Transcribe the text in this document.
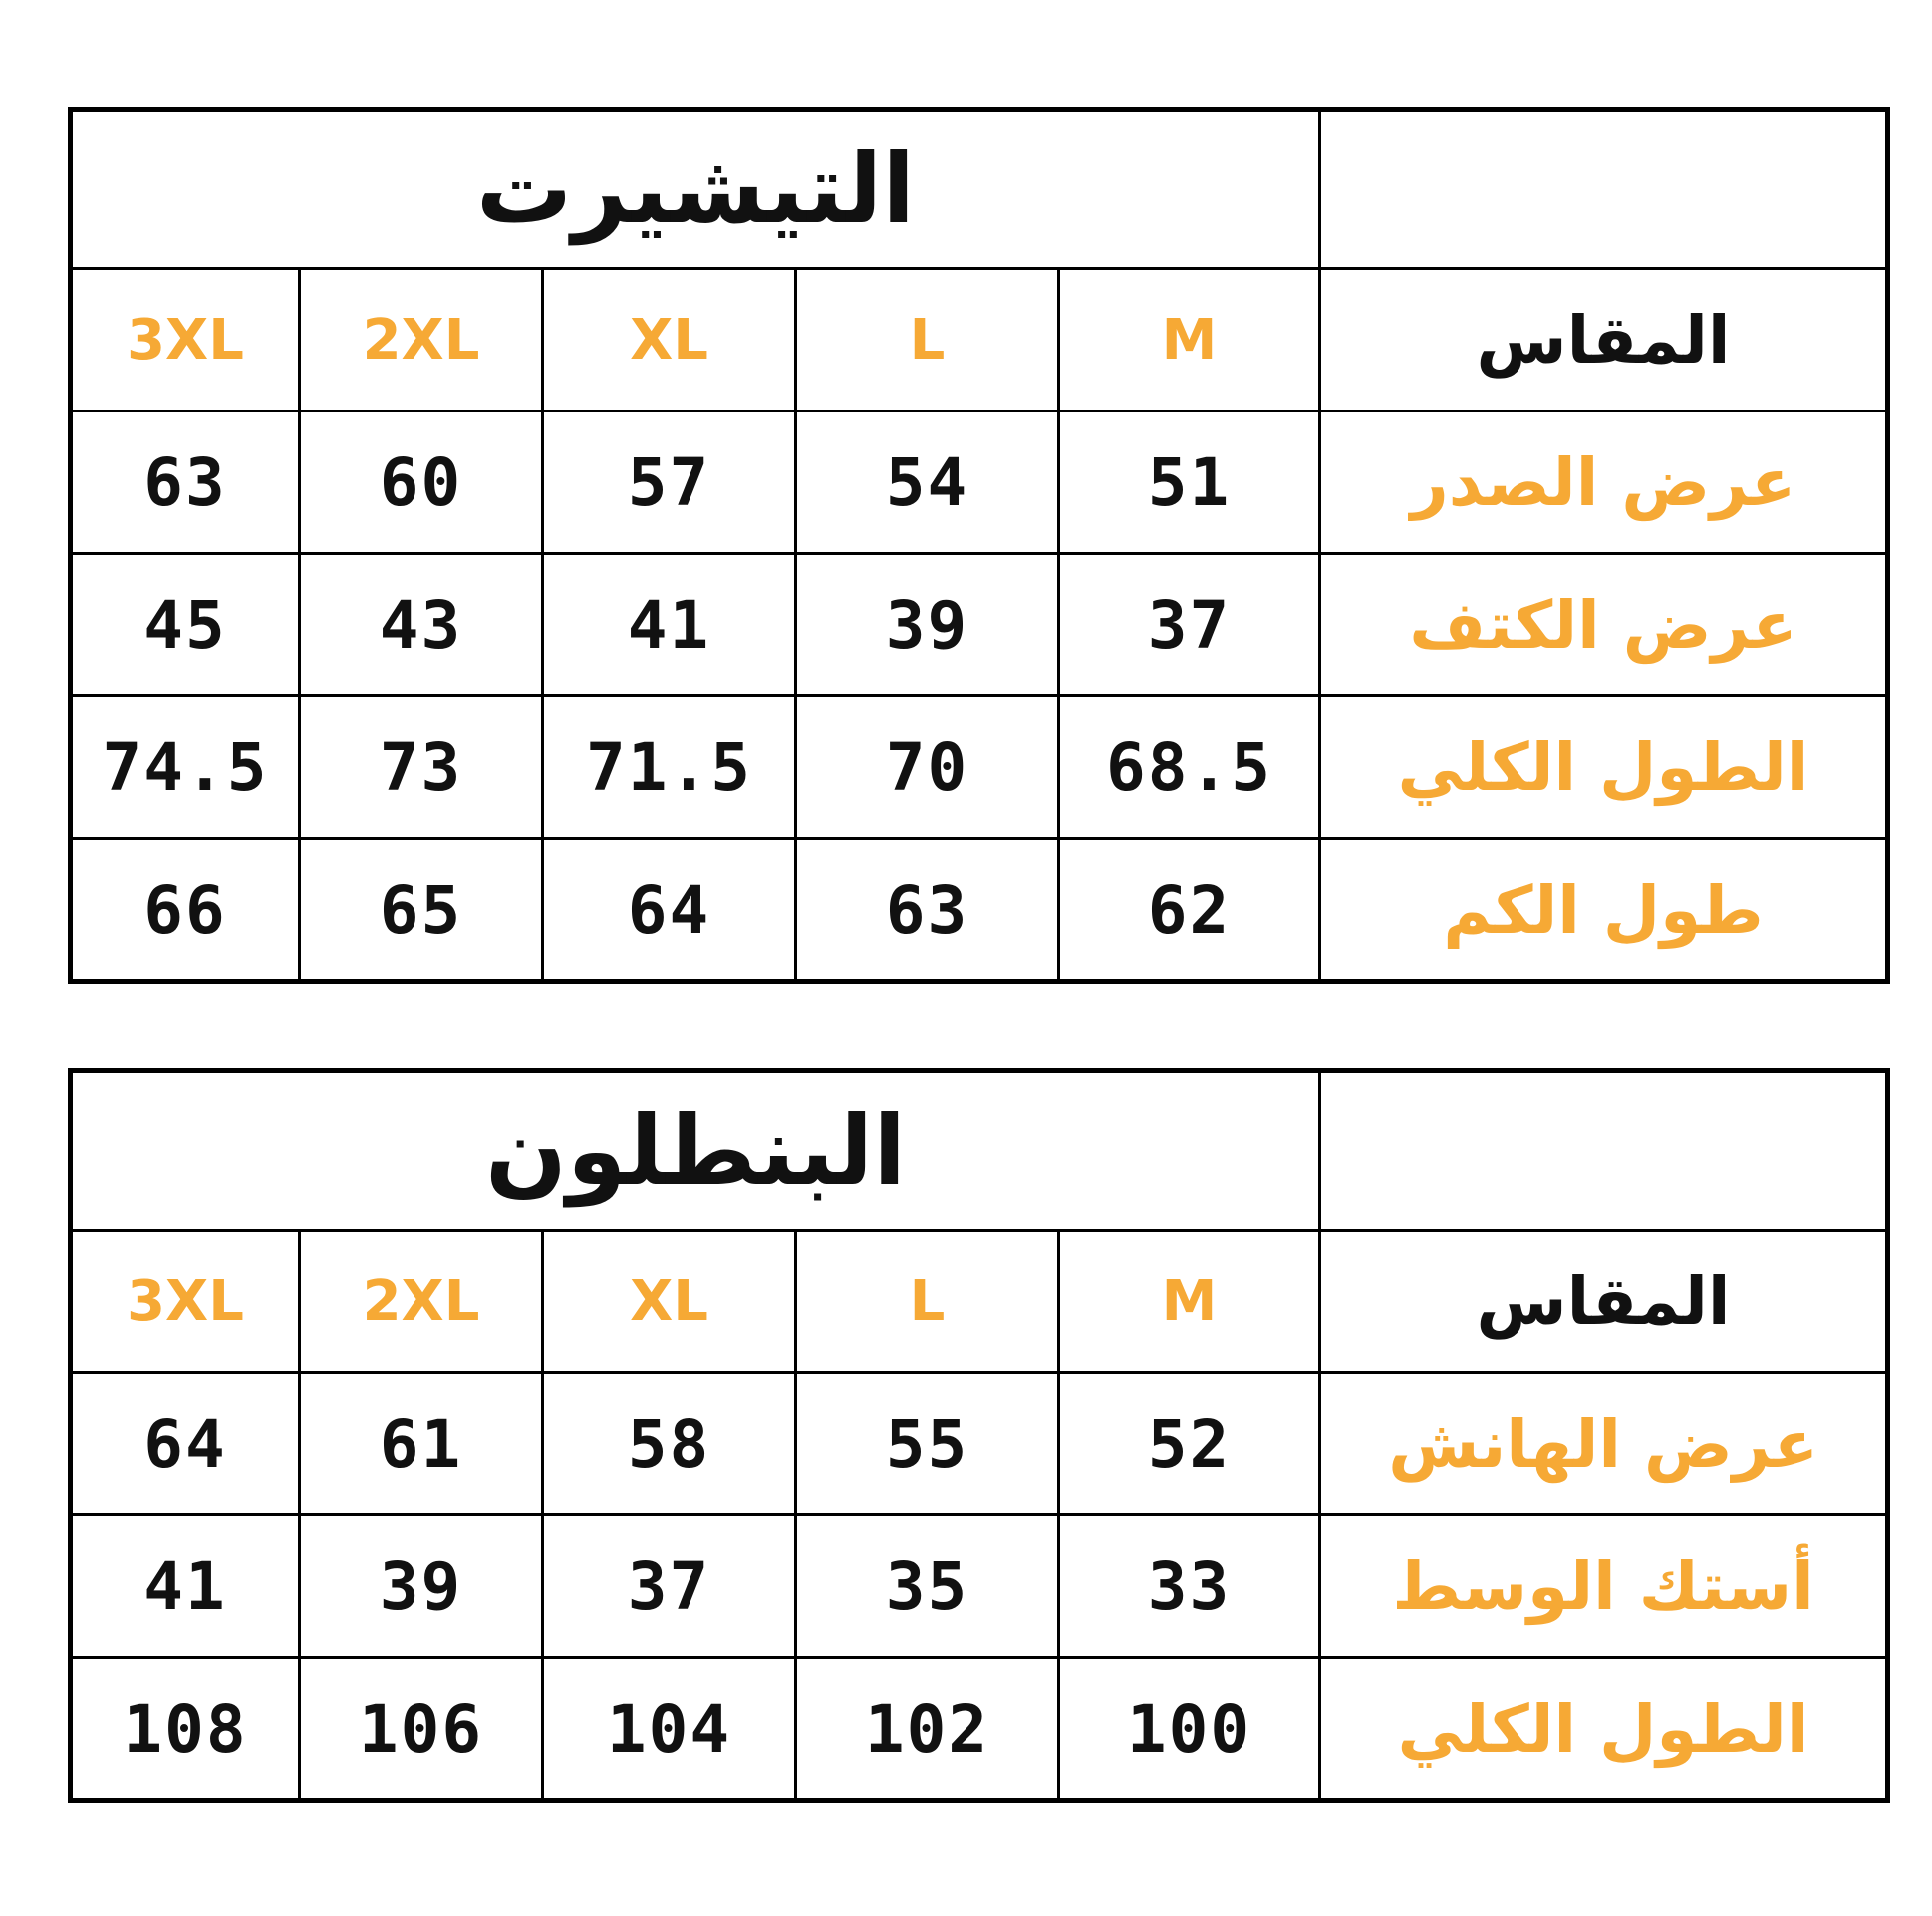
التيشيرت					
3XL	2XL	XL	L	M	المقاس
63	60	57	54	51	عرض الصدر
45	43	41	39	37	عرض الكتف
74.5	73	71.5	70	68.5	الطول الكلي
66	65	64	63	62	طول الكم
البنطلون					
3XL	2XL	XL	L	M	المقاس
64	61	58	55	52	عرض الهانش
41	39	37	35	33	أستك الوسط
108	106	104	102	100	الطول الكلي
